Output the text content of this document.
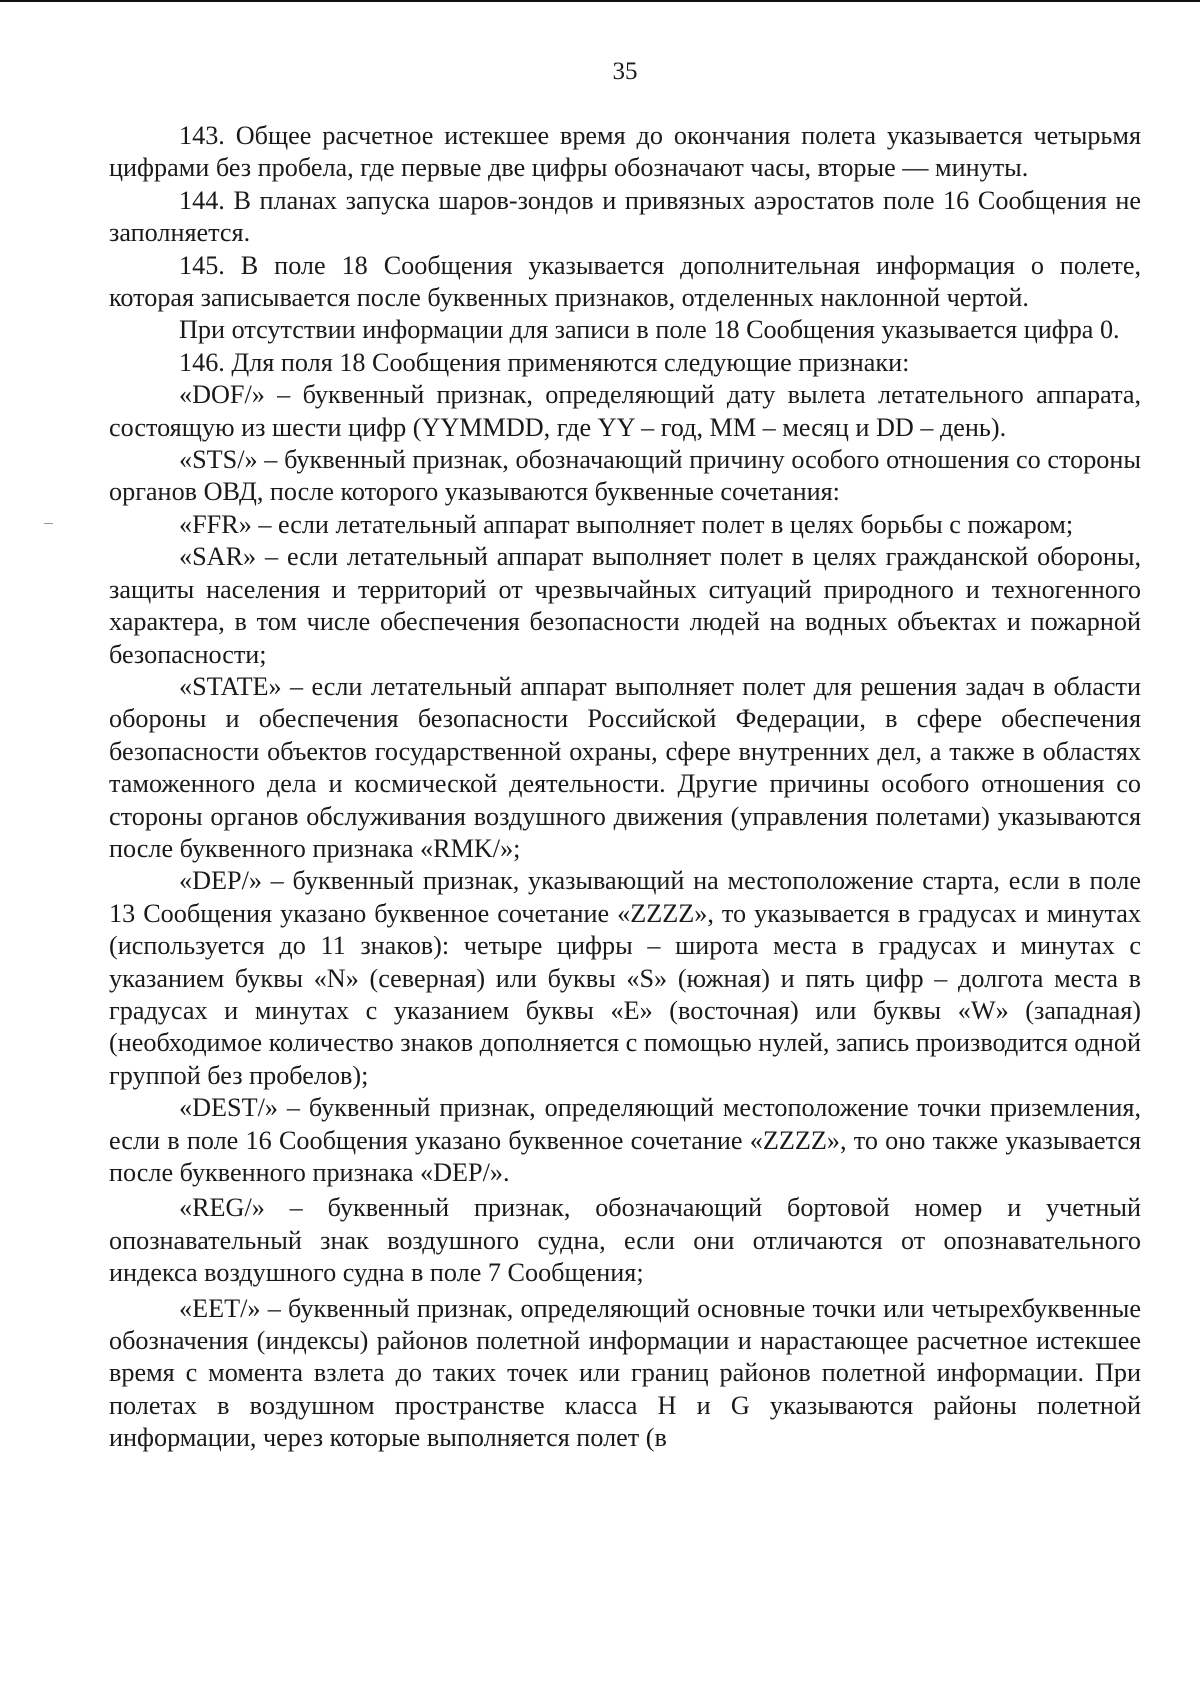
35

143. Общее расчетное истекшее время до окончания полета указывается четырьмя цифрами без пробела, где первые две цифры обозначают часы, вторые — минуты.

144. В планах запуска шаров-зондов и привязных аэростатов поле 16 Сообщения не заполняется.

145. В поле 18 Сообщения указывается дополнительная информация о полете, которая записывается после буквенных признаков, отделенных наклонной чертой.

При отсутствии информации для записи в поле 18 Сообщения указывается цифра 0.

146. Для поля 18 Сообщения применяются следующие признаки:

«DOF/» – буквенный признак, определяющий дату вылета летательного аппарата, состоящую из шести цифр (YYMMDD, где YY – год, MM – месяц и DD – день).

«STS/» – буквенный признак, обозначающий причину особого отношения со стороны органов ОВД, после которого указываются буквенные сочетания:

«FFR» – если летательный аппарат выполняет полет в целях борьбы с пожаром;

«SAR» – если летательный аппарат выполняет полет в целях гражданской обороны, защиты населения и территорий от чрезвычайных ситуаций природного и техногенного характера, в том числе обеспечения безопасности людей на водных объектах и пожарной безопасности;

«STATE» – если летательный аппарат выполняет полет для решения задач в области обороны и обеспечения безопасности Российской Федерации, в сфере обеспечения безопасности объектов государственной охраны, сфере внутренних дел, а также в областях таможенного дела и космической деятельности. Другие причины особого отношения со стороны органов обслуживания воздушного движения (управления полетами) указываются после буквенного признака «RMK/»;

«DEP/» – буквенный признак, указывающий на местоположение старта, если в поле 13 Сообщения указано буквенное сочетание «ZZZZ», то указывается в градусах и минутах (используется до 11 знаков): четыре цифры – широта места в градусах и минутах с указанием буквы «N» (северная) или буквы «S» (южная) и пять цифр – долгота места в градусах и минутах с указанием буквы «E» (восточная) или буквы «W» (западная) (необходимое количество знаков дополняется с помощью нулей, запись производится одной группой без пробелов);

«DEST/» – буквенный признак, определяющий местоположение точки приземления, если в поле 16 Сообщения указано буквенное сочетание «ZZZZ», то оно также указывается после буквенного признака «DEP/».

«REG/» – буквенный признак, обозначающий бортовой номер и учетный опознавательный знак воздушного судна, если они отличаются от опознавательного индекса воздушного судна в поле 7 Сообщения;

«EET/» – буквенный признак, определяющий основные точки или четырехбуквенные обозначения (индексы) районов полетной информации и нарастающее расчетное истекшее время с момента взлета до таких точек или границ районов полетной информации. При полетах в воздушном пространстве класса H и G указываются районы полетной информации, через которые выполняется полет (в
